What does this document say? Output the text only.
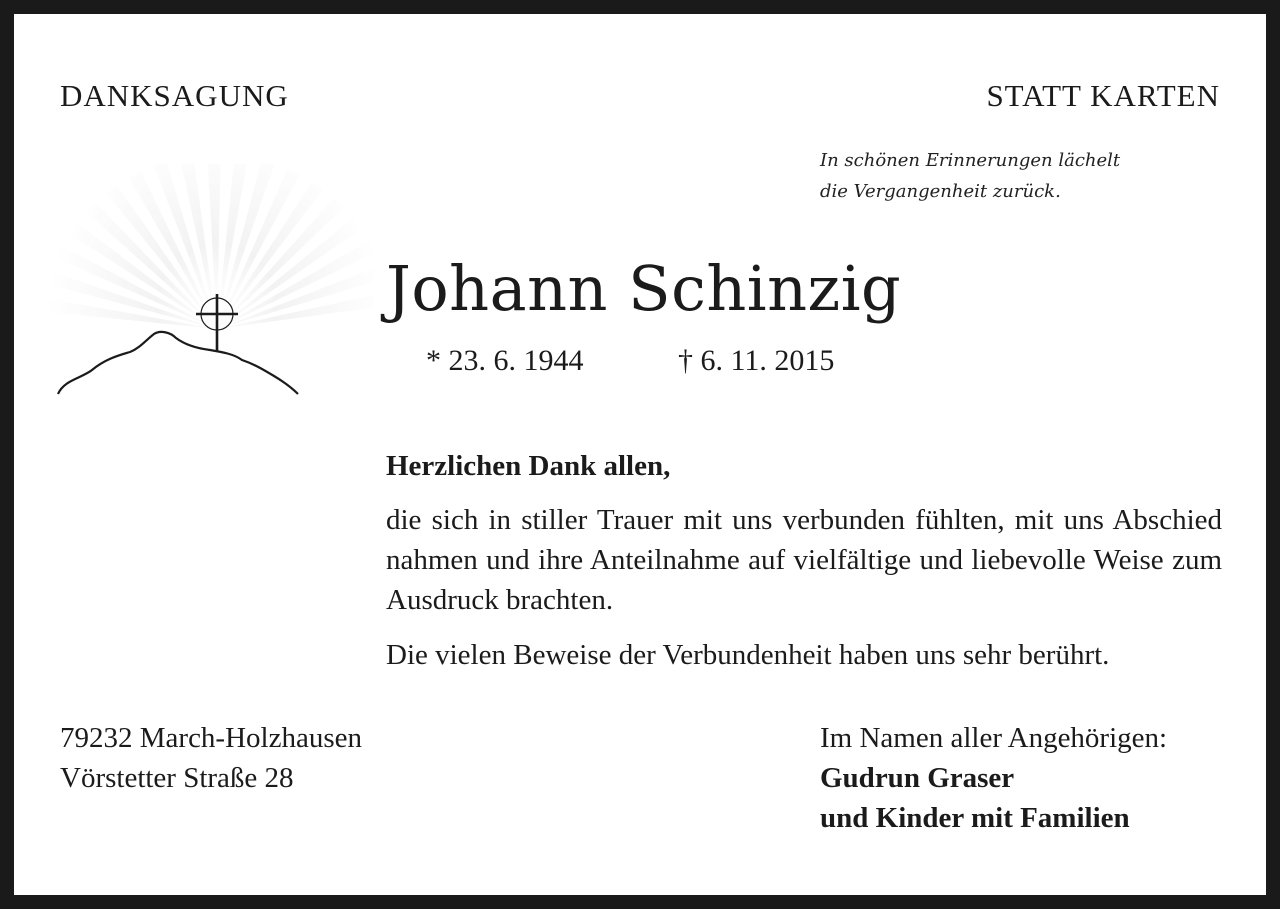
DANKSAGUNG	STATT KARTEN
In schönen Erinnerungen lächelt
die Vergangenheit zurück.
Johann Schinzig
* 23. 6. 1944	† 6. 11. 2015
Herzlichen Dank allen,
die sich in stiller Trauer mit uns verbunden fühlten, mit uns Abschied nahmen und ihre Anteilnahme auf vielfältige und liebevolle Weise zum Ausdruck brachten.
Die vielen Beweise der Verbundenheit haben uns sehr berührt.
79232 March-Holzhausen
Vörstetter Straße 28
Im Namen aller Angehörigen:
Gudrun Graser
und Kinder mit Familien
